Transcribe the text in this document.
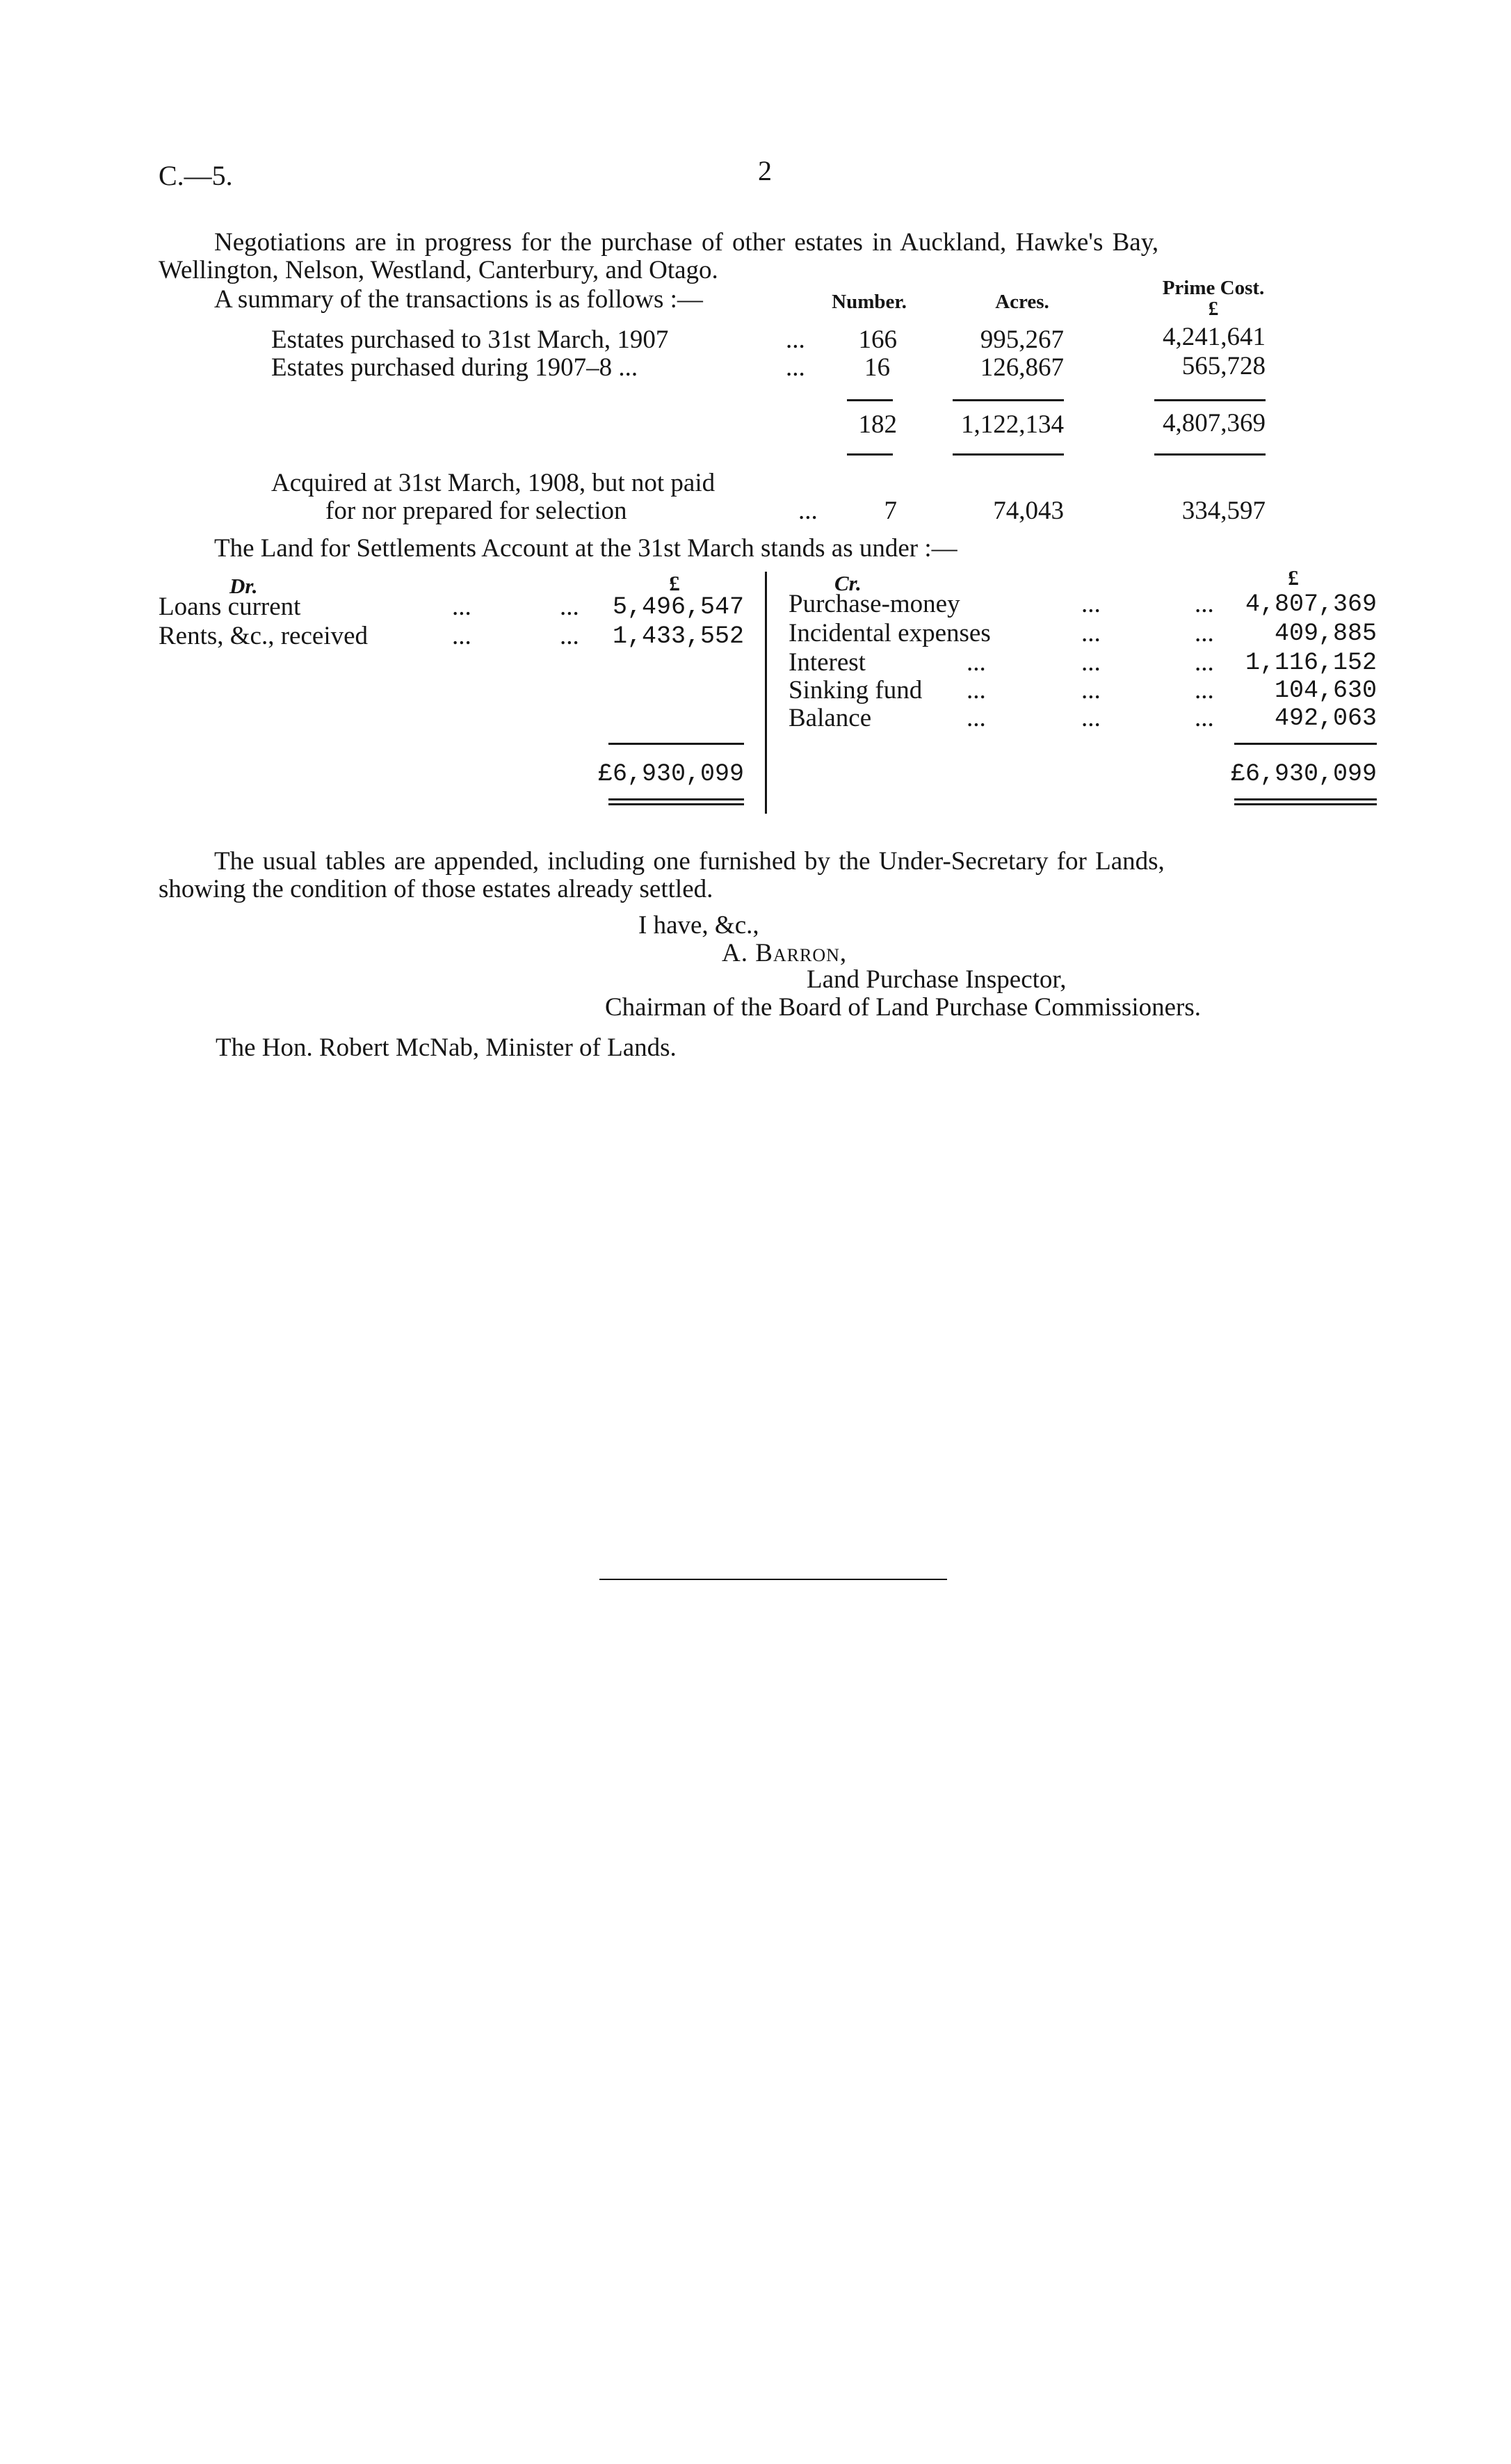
C.—5.	2
Negotiations are in progress for the purchase of other estates in Auckland, Hawke's Bay,
Wellington, Nelson, Westland, Canterbury, and Otago.
A summary of the transactions is as follows :—	Number.	Acres.
Prime Cost.
£
Estates purchased to 31st March, 1907	...	166	995,267	4,241,641
Estates purchased during 1907–8 ...	...	16	126,867	565,728
182	1,122,134	4,807,369
Acquired at 31st March, 1908, but not paid
for nor prepared for selection	...	7	74,043	334,597
The Land for Settlements Account at the 31st March stands as under :—
Dr.	£
Loans current	...	...	5,496,547
Rents, &c., received	...	...	1,433,552
£6,930,099
Cr.	£
Purchase-money	...	...	4,807,369
Incidental expenses	...	...	409,885
Interest	...	...	...	1,116,152
Sinking fund ...	...	...	104,630
Balance	...	...	...	492,063
£6,930,099
The usual tables are appended, including one furnished by the Under-Secretary for Lands,
showing the condition of those estates already settled.
I have, &c.,
A. Barron,
Land Purchase Inspector,
Chairman of the Board of Land Purchase Commissioners.
The Hon. Robert McNab, Minister of Lands.
